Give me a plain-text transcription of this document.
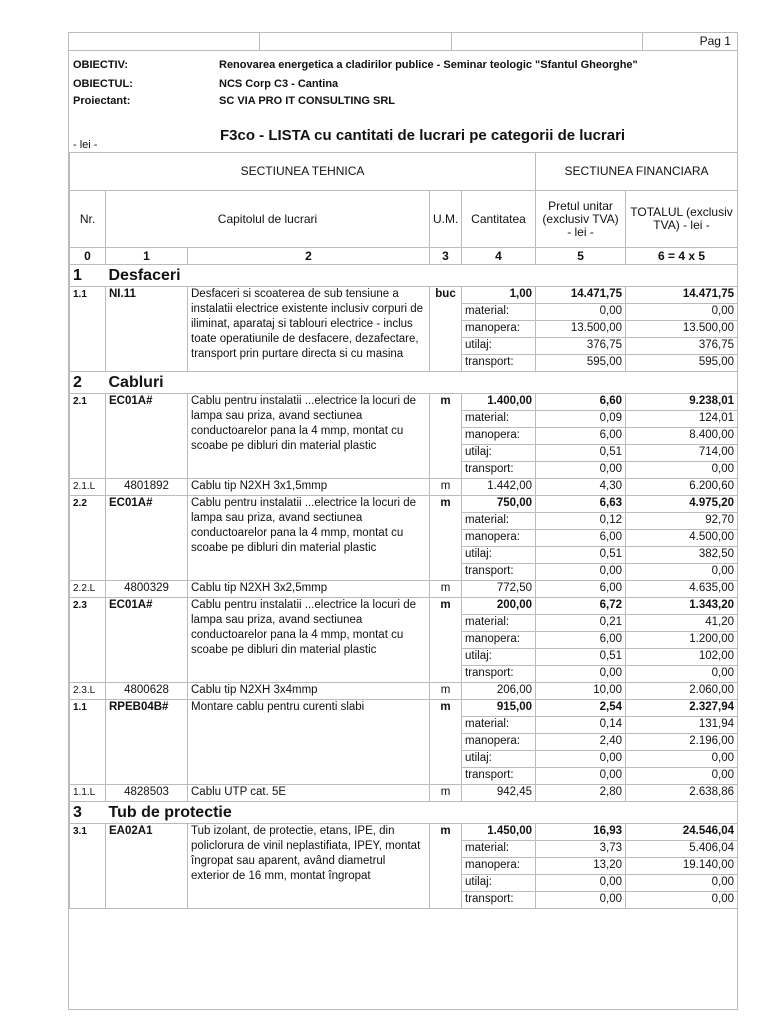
Pag 1
OBIECTIV:	Renovarea energetica a cladirilor publice - Seminar teologic "Sfantul Gheorghe"
OBIECTUL:	NCS Corp C3 - Cantina
Proiectant:	SC VIA PRO IT CONSULTING SRL
- lei -
F3co - LISTA cu cantitati de lucrari pe categorii de lucrari
SECTIUNEA TEHNICA					SECTIUNEA FINANCIARA	
Nr.	Capitolul de lucrari		U.M.	Cantitatea	Pretul unitar (exclusiv TVA) - lei -	TOTALUL (exclusiv TVA) - lei -
0	1	2	3	4	5	6 = 4 x 5
1	Desfaceri					
1.1	NI.11	Desfaceri si scoaterea de sub tensiune a instalatii electrice existente inclusiv corpuri de iliminat, aparataj si tablouri electrice - inclus toate operatiunile de desfacere, dezafectare, transport prin purtare directa si cu masina	buc	1,00	14.471,75	14.471,75
				material:	0,00	0,00
				manopera:	13.500,00	13.500,00
				utilaj:	376,75	376,75
				transport:	595,00	595,00
2	Cabluri					
2.1	EC01A#	Cablu pentru instalatii ...electrice la locuri de lampa sau priza, avand sectiunea conductoarelor pana la 4 mmp, montat cu scoabe pe dibluri din material plastic	m	1.400,00	6,60	9.238,01
				material:	0,09	124,01
				manopera:	6,00	8.400,00
				utilaj:	0,51	714,00
				transport:	0,00	0,00
2.1.L	4801892	Cablu tip N2XH 3x1,5mmp	m	1.442,00	4,30	6.200,60
2.2	EC01A#	Cablu pentru instalatii ...electrice la locuri de lampa sau priza, avand sectiunea conductoarelor pana la 4 mmp, montat cu scoabe pe dibluri din material plastic	m	750,00	6,63	4.975,20
				material:	0,12	92,70
				manopera:	6,00	4.500,00
				utilaj:	0,51	382,50
				transport:	0,00	0,00
2.2.L	4800329	Cablu tip N2XH 3x2,5mmp	m	772,50	6,00	4.635,00
2.3	EC01A#	Cablu pentru instalatii ...electrice la locuri de lampa sau priza, avand sectiunea conductoarelor pana la 4 mmp, montat cu scoabe pe dibluri din material plastic	m	200,00	6,72	1.343,20
				material:	0,21	41,20
				manopera:	6,00	1.200,00
				utilaj:	0,51	102,00
				transport:	0,00	0,00
2.3.L	4800628	Cablu tip N2XH 3x4mmp	m	206,00	10,00	2.060,00
1.1	RPEB04B#	Montare cablu pentru curenti slabi	m	915,00	2,54	2.327,94
				material:	0,14	131,94
				manopera:	2,40	2.196,00
				utilaj:	0,00	0,00
				transport:	0,00	0,00
1.1.L	4828503	Cablu UTP cat. 5E	m	942,45	2,80	2.638,86
3	Tub de protectie					
3.1	EA02A1	Tub izolant, de protectie, etans, IPE, din policlorura de vinil neplastifiata, IPEY, montat îngropat sau aparent, având diametrul exterior de 16 mm, montat îngropat	m	1.450,00	16,93	24.546,04
				material:	3,73	5.406,04
				manopera:	13,20	19.140,00
				utilaj:	0,00	0,00
				transport:	0,00	0,00
